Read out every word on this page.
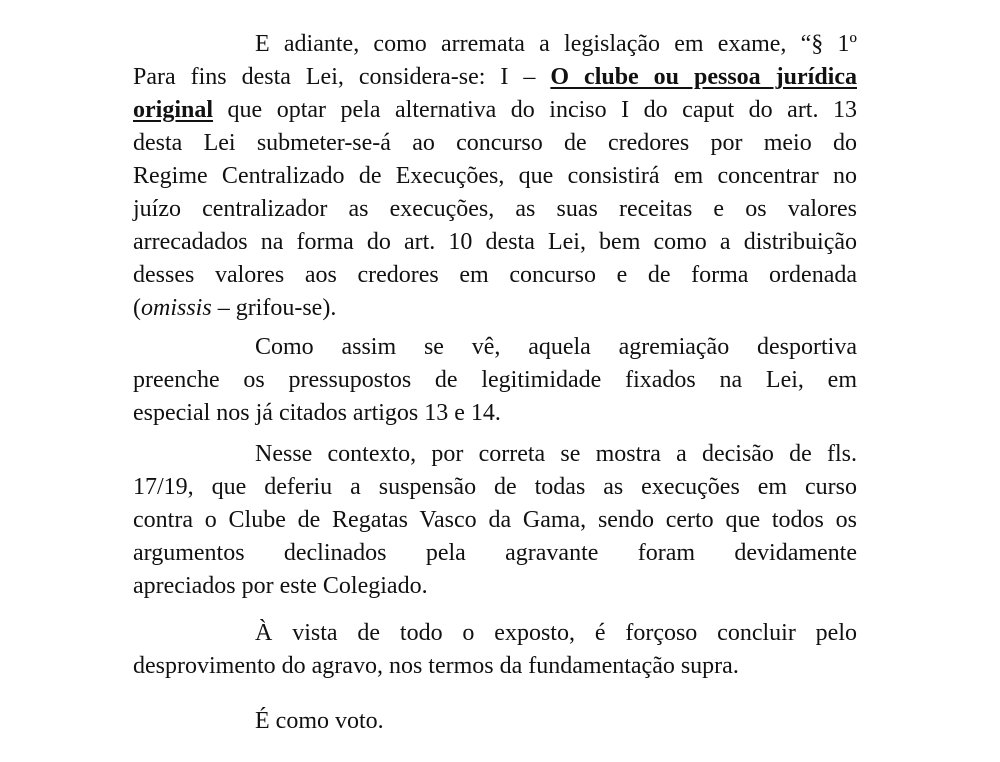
E adiante, como arremata a legislação em exame, “§ 1º
Para fins desta Lei, considera-se: I – O clube ou pessoa jurídica
original que optar pela alternativa do inciso I do caput do art. 13
desta Lei submeter-se-á ao concurso de credores por meio do
Regime Centralizado de Execuções, que consistirá em concentrar no
juízo centralizador as execuções, as suas receitas e os valores
arrecadados na forma do art. 10 desta Lei, bem como a distribuição
desses valores aos credores em concurso e de forma ordenada
(omissis – grifou-se).
Como assim se vê, aquela agremiação desportiva
preenche os pressupostos de legitimidade fixados na Lei, em
especial nos já citados artigos 13 e 14.
Nesse contexto, por correta se mostra a decisão de fls.
17/19, que deferiu a suspensão de todas as execuções em curso
contra o Clube de Regatas Vasco da Gama, sendo certo que todos os
argumentos declinados pela agravante foram devidamente
apreciados por este Colegiado.
À vista de todo o exposto, é forçoso concluir pelo
desprovimento do agravo, nos termos da fundamentação supra.
É como voto.
